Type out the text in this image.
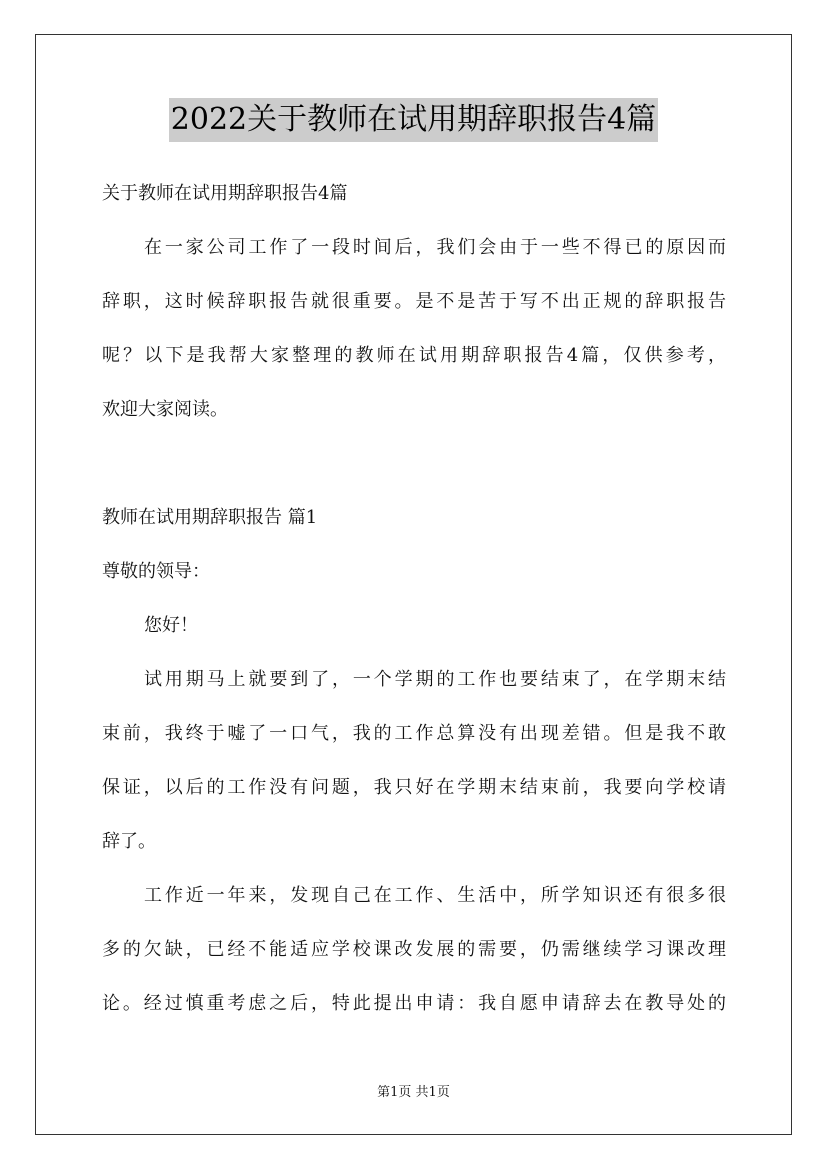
2022关于教师在试用期辞职报告4篇
关于教师在试用期辞职报告4篇
在一家公司工作了一段时间后，我们会由于一些不得已的原因而
辞职，这时候辞职报告就很重要。是不是苦于写不出正规的辞职报告
呢？以下是我帮大家整理的教师在试用期辞职报告4篇，仅供参考，
欢迎大家阅读。
教师在试用期辞职报告 篇1
尊敬的领导：
您好！
试用期马上就要到了，一个学期的工作也要结束了，在学期末结
束前，我终于嘘了一口气，我的工作总算没有出现差错。但是我不敢
保证，以后的工作没有问题，我只好在学期末结束前，我要向学校请
辞了。
工作近一年来，发现自己在工作、生活中，所学知识还有很多很
多的欠缺，已经不能适应学校课改发展的需要，仍需继续学习课改理
论。经过慎重考虑之后，特此提出申请：我自愿申请辞去在教导处的
第1页 共1页
